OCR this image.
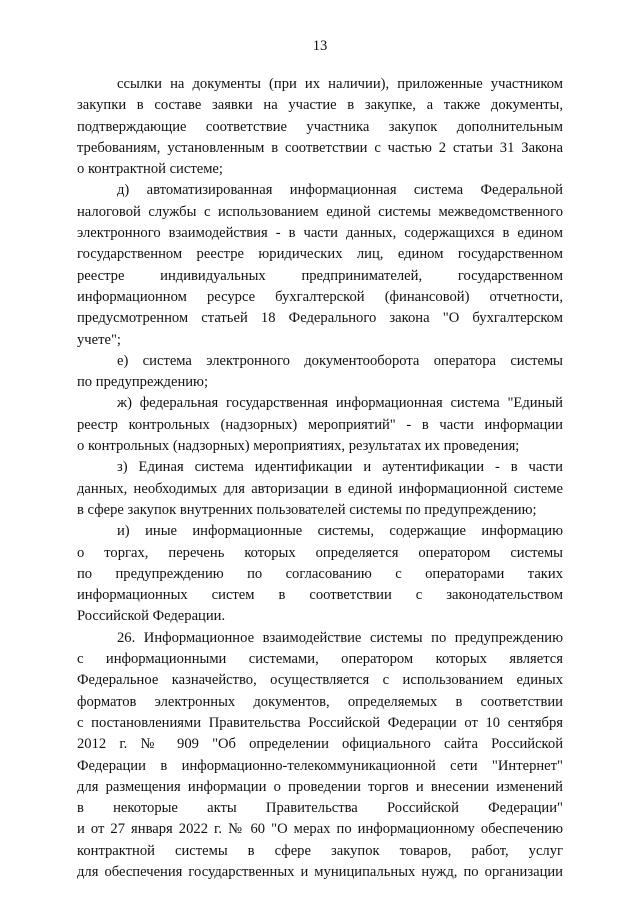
13
ссылки на документы (при их наличии), приложенные участником
закупки в составе заявки на участие в закупке, а также документы,
подтверждающие соответствие участника закупок дополнительным
требованиям, установленным в соответствии с частью 2 статьи 31 Закона
о контрактной системе;
д) автоматизированная информационная система Федеральной
налоговой службы с использованием единой системы межведомственного
электронного взаимодействия - в части данных, содержащихся в едином
государственном реестре юридических лиц, едином государственном
реестре индивидуальных предпринимателей, государственном
информационном ресурсе бухгалтерской (финансовой) отчетности,
предусмотренном статьей 18 Федерального закона "О бухгалтерском
учете";
е) система электронного документооборота оператора системы
по предупреждению;
ж) федеральная государственная информационная система "Единый
реестр контрольных (надзорных) мероприятий" - в части информации
о контрольных (надзорных) мероприятиях, результатах их проведения;
з) Единая система идентификации и аутентификации - в части
данных, необходимых для авторизации в единой информационной системе
в сфере закупок внутренних пользователей системы по предупреждению;
и) иные информационные системы, содержащие информацию
о торгах, перечень которых определяется оператором системы
по предупреждению по согласованию с операторами таких
информационных систем в соответствии с законодательством
Российской Федерации.
26. Информационное взаимодействие системы по предупреждению
с информационными системами, оператором которых является
Федеральное казначейство, осуществляется с использованием единых
форматов электронных документов, определяемых в соответствии
с постановлениями Правительства Российской Федерации от 10 сентября
2012 г. № 909 "Об определении официального сайта Российской
Федерации в информационно-телекоммуникационной сети "Интернет"
для размещения информации о проведении торгов и внесении изменений
в некоторые акты Правительства Российской Федерации"
и от 27 января 2022 г. № 60 "О мерах по информационному обеспечению
контрактной системы в сфере закупок товаров, работ, услуг
для обеспечения государственных и муниципальных нужд, по организации
